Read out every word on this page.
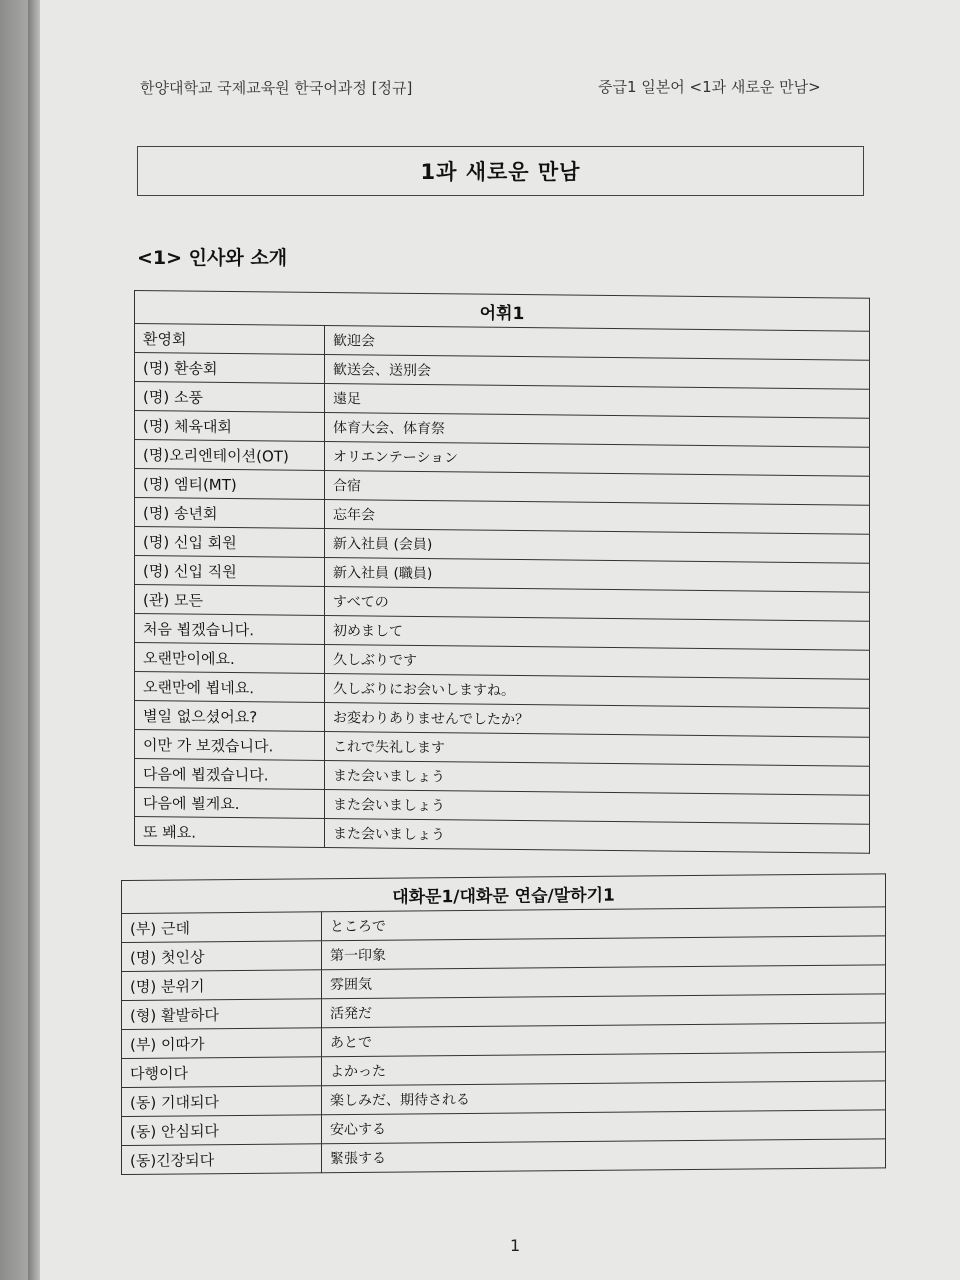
한양대학교 국제교육원 한국어과정 [정규]	중급1 일본어 <1과 새로운 만남>
1과 새로운 만남
<1> 인사와 소개
어휘1	
환영회	歓迎会
(명) 환송회	歓送会、送別会
(명) 소풍	遠足
(명) 체육대회	体育大会、体育祭
(명)오리엔테이션(OT)	オリエンテーション
(명) 엠티(MT)	合宿
(명) 송년회	忘年会
(명) 신입 회원	新入社員 (会員)
(명) 신입 직원	新入社員 (職員)
(관) 모든	すべての
처음 뵙겠습니다.	初めまして
오랜만이에요.	久しぶりです
오랜만에 뵙네요.	久しぶりにお会いしますね。
별일 없으셨어요?	お変わりありませんでしたか？
이만 가 보겠습니다.	これで失礼します
다음에 뵙겠습니다.	また会いましょう
다음에 뵐게요.	また会いましょう
또 봬요.	また会いましょう
대화문1/대화문 연습/말하기1	
(부) 근데	ところで
(명) 첫인상	第一印象
(명) 분위기	雰囲気
(형) 활발하다	活発だ
(부) 이따가	あとで
다행이다	よかった
(동) 기대되다	楽しみだ、期待される
(동) 안심되다	安心する
(동)긴장되다	緊張する
1
